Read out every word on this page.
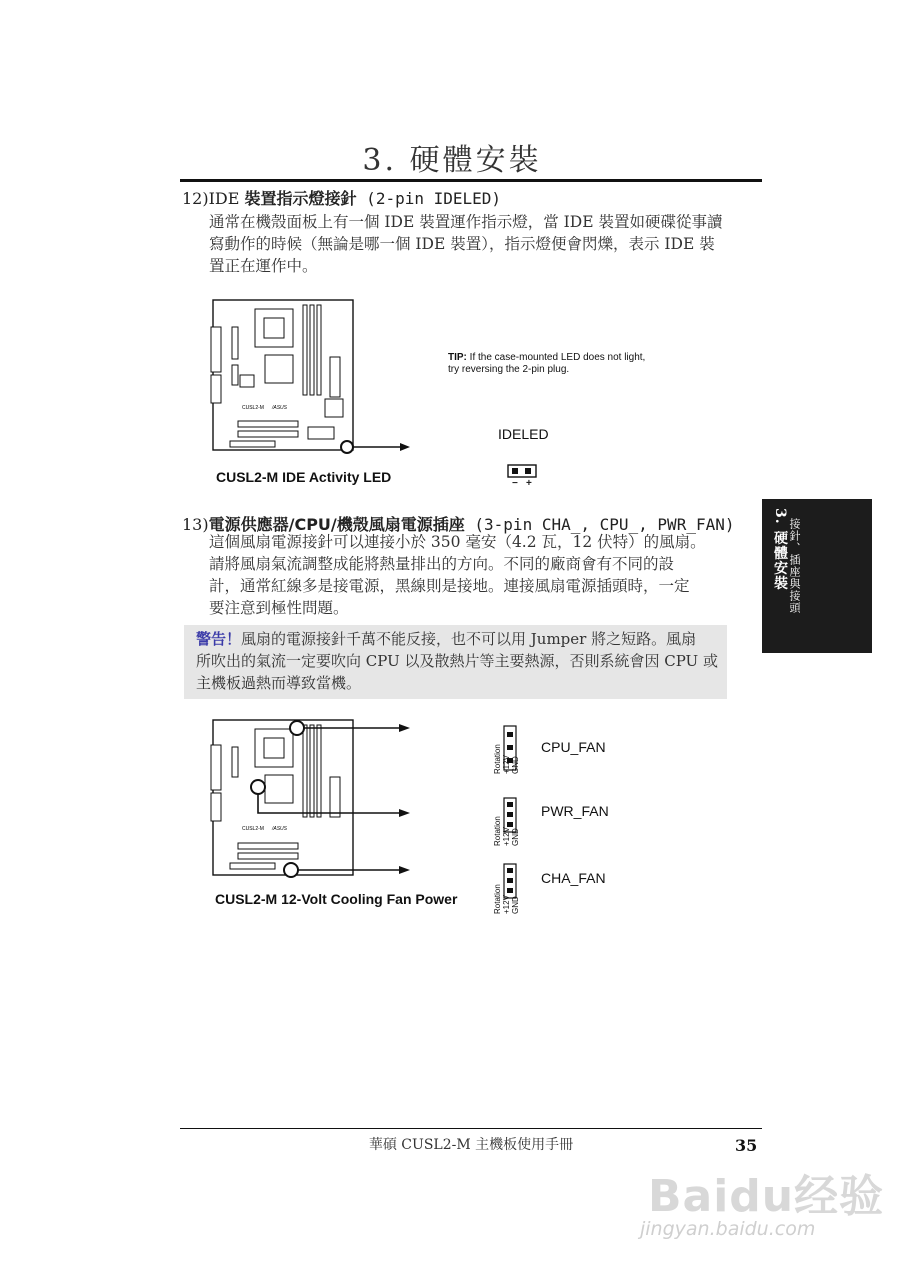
3. 硬體安裝
12)IDE 裝置指示燈接針 (2-pin IDELED)
通常在機殼面板上有一個 IDE 裝置運作指示燈，當 IDE 裝置如硬碟從事讀
寫動作的時候（無論是哪一個 IDE 裝置），指示燈便會閃爍，表示 IDE 裝
置正在運作中。
CUSL2-M /ASUS
TIP: If the case-mounted LED does not light, try reversing the 2-pin plug.
IDELED
− +
CUSL2-M IDE Activity LED
13)電源供應器/CPU/機殼風扇電源插座 (3-pin CHA_, CPU_, PWR_FAN)
這個風扇電源接針可以連接小於 350 毫安（4.2 瓦，12 伏特）的風扇。
請將風扇氣流調整成能將熱量排出的方向。不同的廠商會有不同的設
計，通常紅線多是接電源，黑線則是接地。連接風扇電源插頭時，一定
要注意到極性問題。
警告！風扇的電源接針千萬不能反接，也不可以用 Jumper 將之短路。風扇
所吹出的氣流一定要吹向 CPU 以及散熱片等主要熱源，否則系統會因 CPU 或
主機板過熱而導致當機。
CUSL2-M /ASUS
Rotation +12V GND
CPU_FAN
Rotation +12V GND
PWR_FAN
Rotation +12V GND
CHA_FAN
CUSL2-M 12-Volt Cooling Fan Power
3. 硬體安裝 接針、插座與接頭
華碩 CUSL2-M 主機板使用手冊	35
Baidu经验
jingyan.baidu.com
